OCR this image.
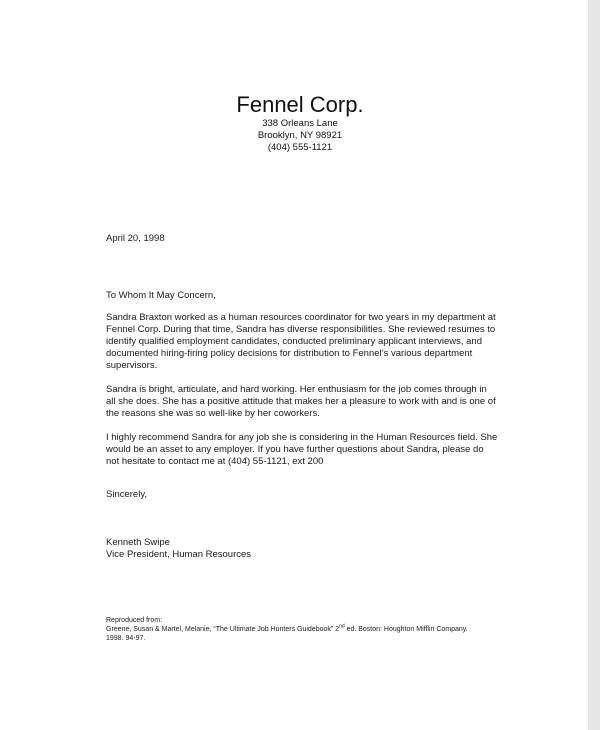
Fennel Corp.
338 Orleans Lane
Brooklyn, NY 98921
(404) 555-1121
April 20, 1998

To Whom It May Concern,

Sandra Braxton worked as a human resources coordinator for two years in my department at Fennel Corp. During that time, Sandra has diverse responsibilities. She reviewed resumes to identify qualified employment candidates, conducted preliminary applicant interviews, and documented hiring-firing policy decisions for distribution to Fennel’s various department supervisors.

Sandra is bright, articulate, and hard working. Her enthusiasm for the job comes through in all she does. She has a positive attitude that makes her a pleasure to work with and is one of the reasons she was so well-like by her coworkers.

I highly recommend Sandra for any job she is considering in the Human Resources field. She would be an asset to any employer. If you have further questions about Sandra, please do not hesitate to contact me at (404) 55-1121, ext 200

Sincerely,
Kenneth Swipe
Vice President, Human Resources
Reproduced from:
Greene, Susan & Martel, Melanie, “The Ultimate Job Hunters Guidebook” 2nd ed. Boston: Houghton Mifflin Company.
1998. 94-97.
